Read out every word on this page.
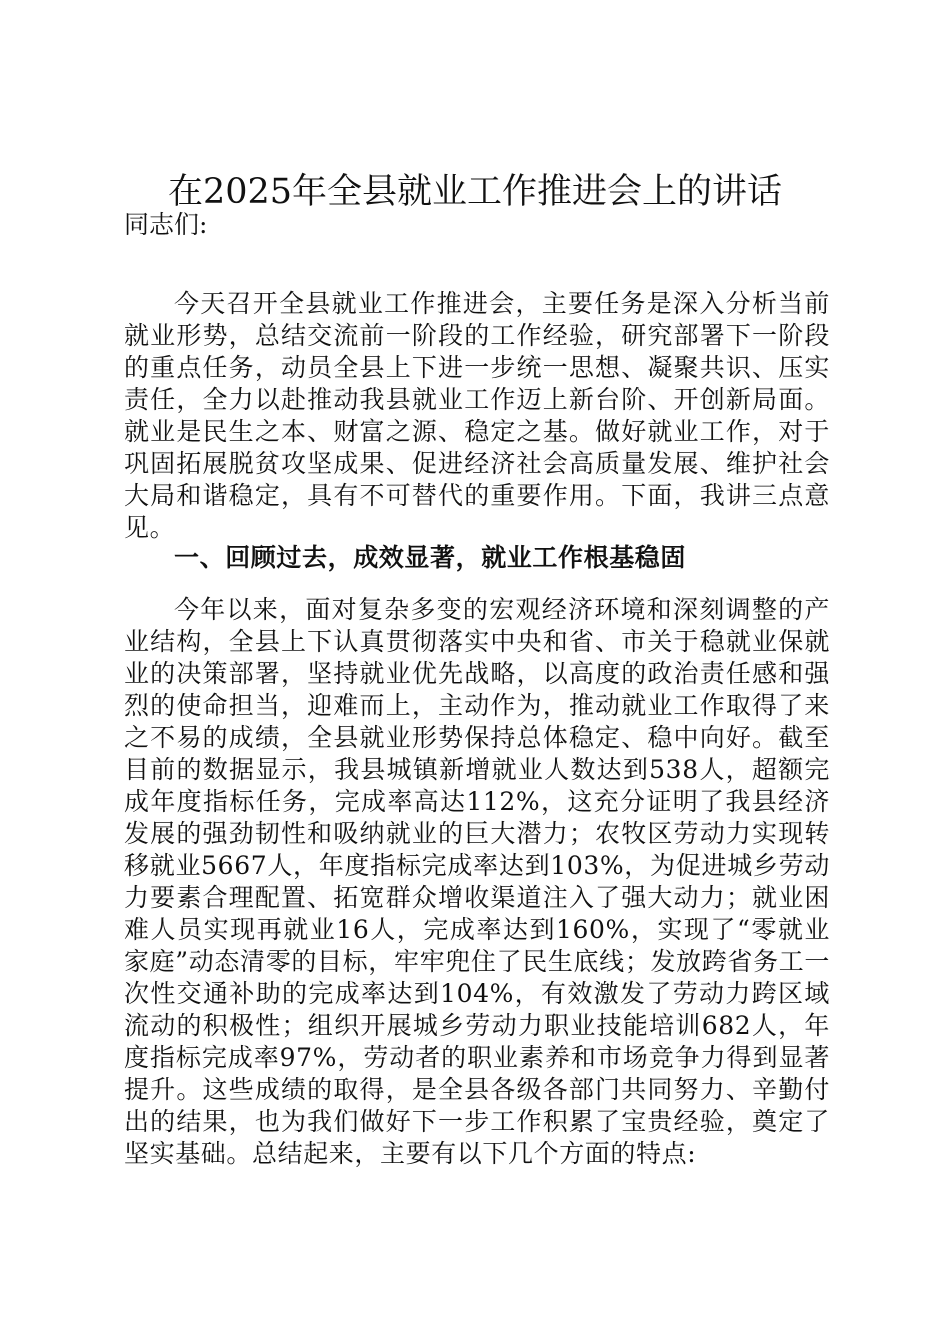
在2025年全县就业工作推进会上的讲话
同志们:
今天召开全县就业工作推进会，主要任务是深入分析当前就业形势，总结交流前一阶段的工作经验，研究部署下一阶段的重点任务，动员全县上下进一步统一思想、凝聚共识、压实责任，全力以赴推动我县就业工作迈上新台阶、开创新局面。就业是民生之本、财富之源、稳定之基。做好就业工作，对于巩固拓展脱贫攻坚成果、促进经济社会高质量发展、维护社会大局和谐稳定，具有不可替代的重要作用。下面，我讲三点意见。
一、回顾过去，成效显著，就业工作根基稳固
今年以来，面对复杂多变的宏观经济环境和深刻调整的产业结构，全县上下认真贯彻落实中央和省、市关于稳就业保就业的决策部署，坚持就业优先战略，以高度的政治责任感和强烈的使命担当，迎难而上，主动作为，推动就业工作取得了来之不易的成绩，全县就业形势保持总体稳定、稳中向好。截至目前的数据显示，我县城镇新增就业人数达到538人，超额完成年度指标任务，完成率高达112%，这充分证明了我县经济发展的强劲韧性和吸纳就业的巨大潜力；农牧区劳动力实现转移就业5667人，年度指标完成率达到103%，为促进城乡劳动力要素合理配置、拓宽群众增收渠道注入了强大动力；就业困难人员实现再就业16人，完成率达到160%，实现了“零就业家庭”动态清零的目标，牢牢兜住了民生底线；发放跨省务工一次性交通补助的完成率达到104%，有效激发了劳动力跨区域流动的积极性；组织开展城乡劳动力职业技能培训682人，年度指标完成率97%，劳动者的职业素养和市场竞争力得到显著提升。这些成绩的取得，是全县各级各部门共同努力、辛勤付出的结果，也为我们做好下一步工作积累了宝贵经验，奠定了坚实基础。总结起来，主要有以下几个方面的特点:
